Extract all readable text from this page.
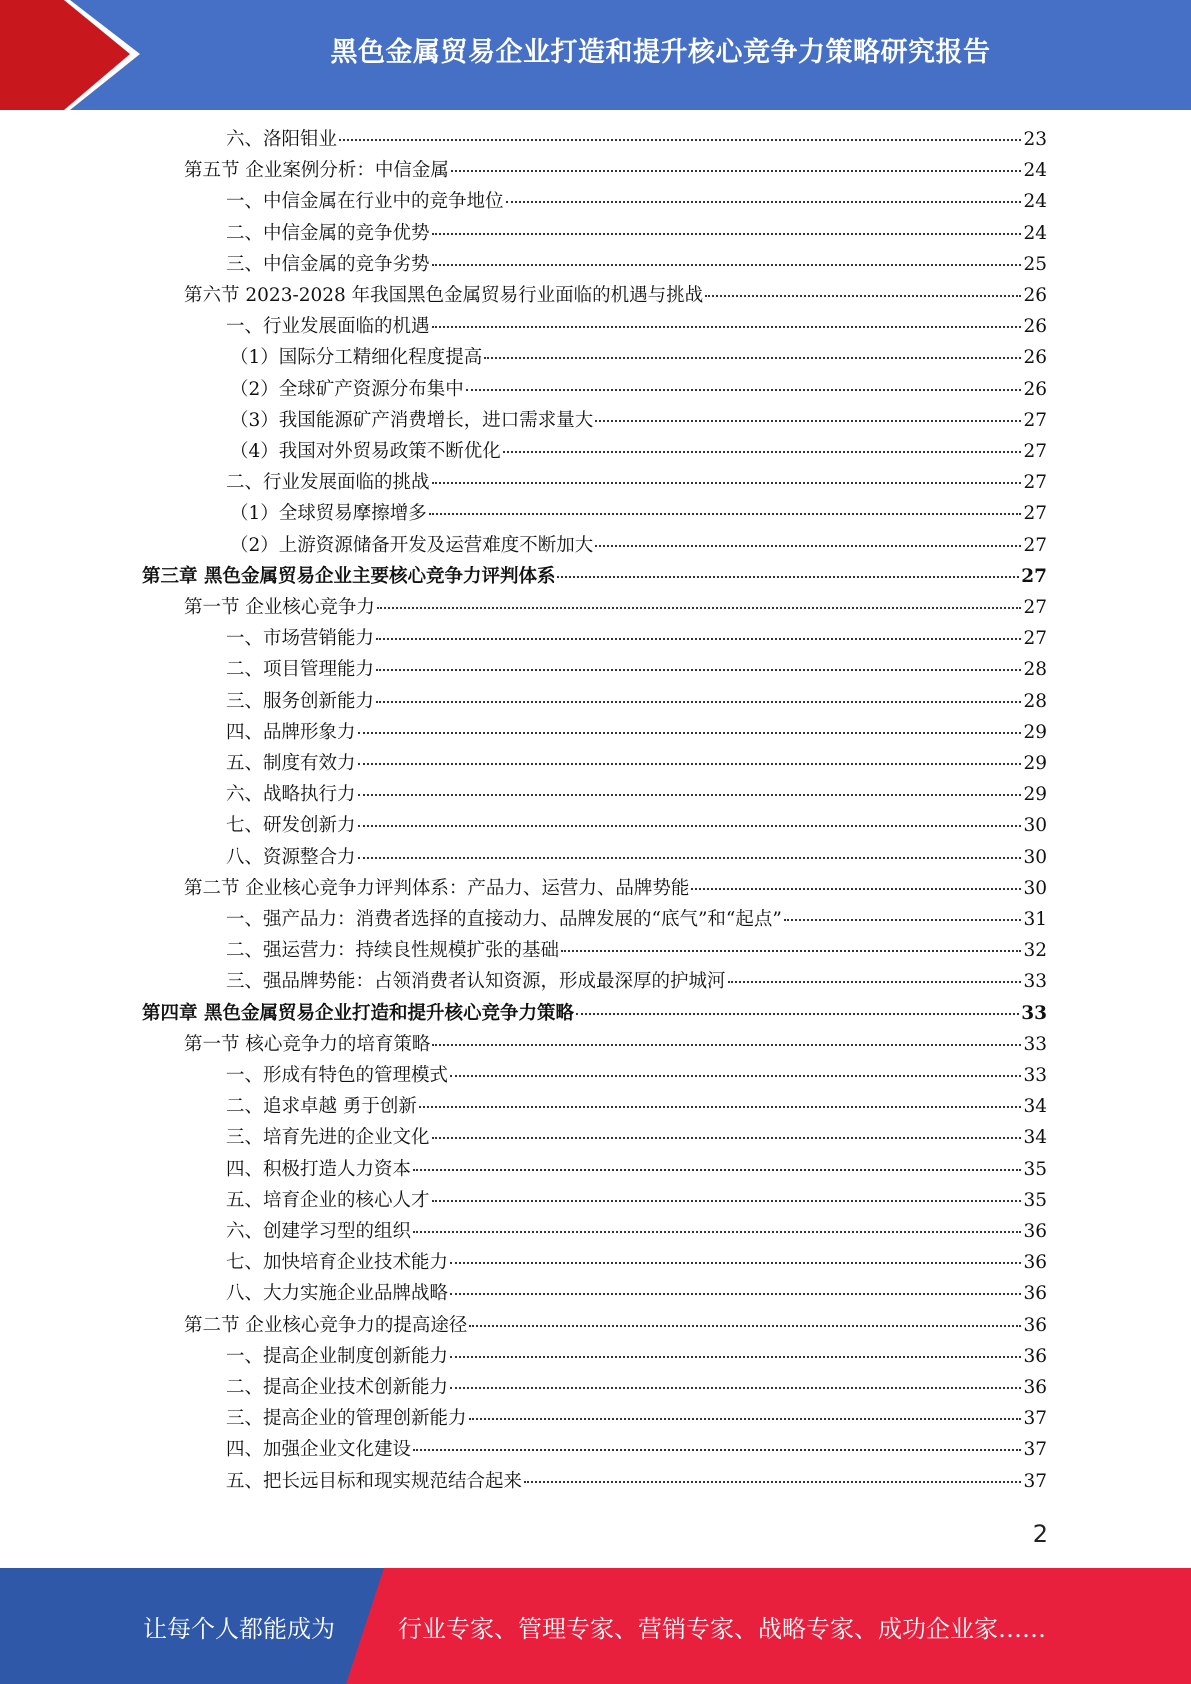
黑色金属贸易企业打造和提升核心竞争力策略研究报告
六、洛阳钼业	23
第五节 企业案例分析：中信金属	24
一、中信金属在行业中的竞争地位	24
二、中信金属的竞争优势	24
三、中信金属的竞争劣势	25
第六节 2023-2028 年我国黑色金属贸易行业面临的机遇与挑战	26
一、行业发展面临的机遇	26
（1）国际分工精细化程度提高	26
（2）全球矿产资源分布集中	26
（3）我国能源矿产消费增长，进口需求量大	27
（4）我国对外贸易政策不断优化	27
二、行业发展面临的挑战	27
（1）全球贸易摩擦增多	27
（2）上游资源储备开发及运营难度不断加大	27
第三章 黑色金属贸易企业主要核心竞争力评判体系	27
第一节 企业核心竞争力	27
一、市场营销能力	27
二、项目管理能力	28
三、服务创新能力	28
四、品牌形象力	29
五、制度有效力	29
六、战略执行力	29
七、研发创新力	30
八、资源整合力	30
第二节 企业核心竞争力评判体系：产品力、运营力、品牌势能	30
一、强产品力：消费者选择的直接动力、品牌发展的“底气”和“起点”	31
二、强运营力：持续良性规模扩张的基础	32
三、强品牌势能：占领消费者认知资源，形成最深厚的护城河	33
第四章 黑色金属贸易企业打造和提升核心竞争力策略	33
第一节 核心竞争力的培育策略	33
一、形成有特色的管理模式	33
二、追求卓越 勇于创新	34
三、培育先进的企业文化	34
四、积极打造人力资本	35
五、培育企业的核心人才	35
六、创建学习型的组织	36
七、加快培育企业技术能力	36
八、大力实施企业品牌战略	36
第二节 企业核心竞争力的提高途径	36
一、提高企业制度创新能力	36
二、提高企业技术创新能力	36
三、提高企业的管理创新能力	37
四、加强企业文化建设	37
五、把长远目标和现实规范结合起来	37
2
让每个人都能成为	行业专家、管理专家、营销专家、战略专家、成功企业家……
